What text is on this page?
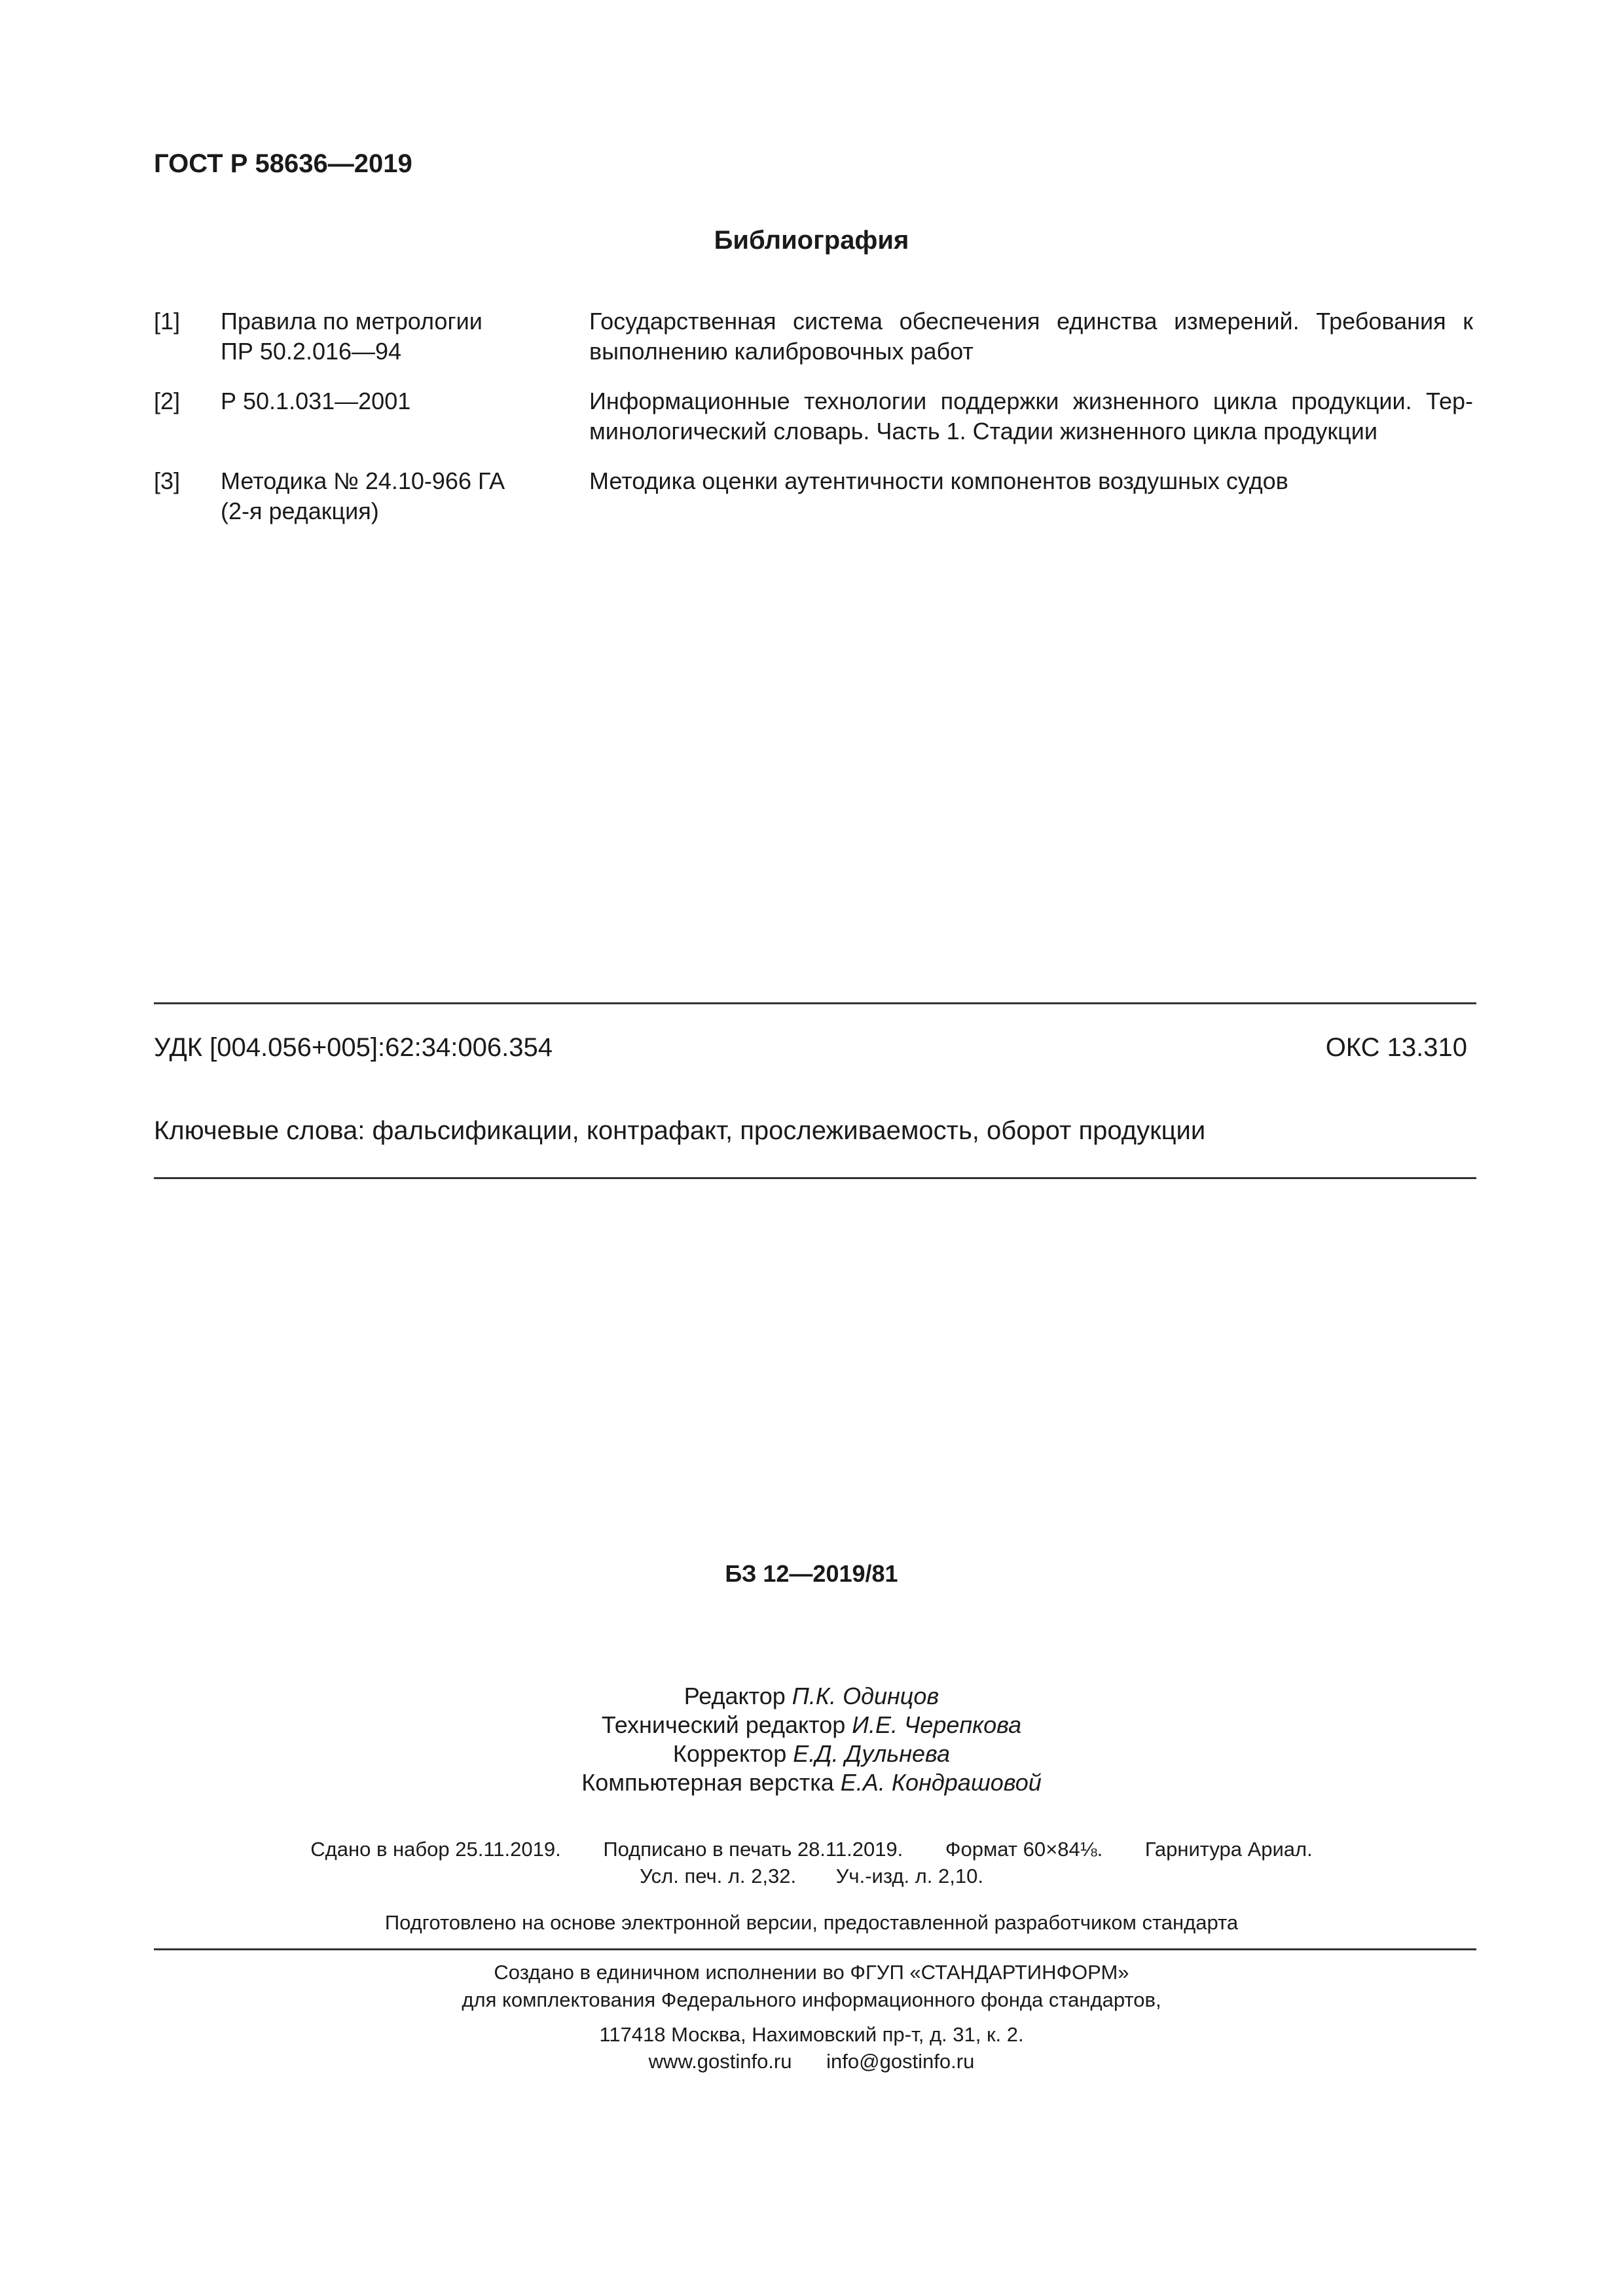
ГОСТ Р 58636—2019
Библиография
[1] Правила по метрологии
ПР 50.2.016—94
Государственная система обеспечения единства измерений. Требования к выполнению калибровочных работ
[2] Р 50.1.031—2001	Информационные технологии поддержки жизненного цикла продукции. Тер-минологический словарь. Часть 1. Стадии жизненного цикла продукции
[3] Методика № 24.10-966 ГА
(2-я редакция)
Методика оценки аутентичности компонентов воздушных судов
УДК [004.056+005]:62:34:006.354	ОКС 13.310
Ключевые слова: фальсификации, контрафакт, прослеживаемость, оборот продукции
БЗ 12—2019/81
Редактор П.К. Одинцов
Технический редактор И.Е. Черепкова
Корректор Е.Д. Дульнева
Компьютерная верстка Е.А. Кондрашовой
Сдано в набор 25.11.2019. Подписано в печать 28.11.2019. Формат 60×84⅛. Гарнитура Ариал.
Усл. печ. л. 2,32. Уч.-изд. л. 2,10.
Подготовлено на основе электронной версии, предоставленной разработчиком стандарта
Создано в единичном исполнении во ФГУП «СТАНДАРТИНФОРМ»
для комплектования Федерального информационного фонда стандартов,
117418 Москва, Нахимовский пр-т, д. 31, к. 2.
www.gostinfo.ru info@gostinfo.ru
